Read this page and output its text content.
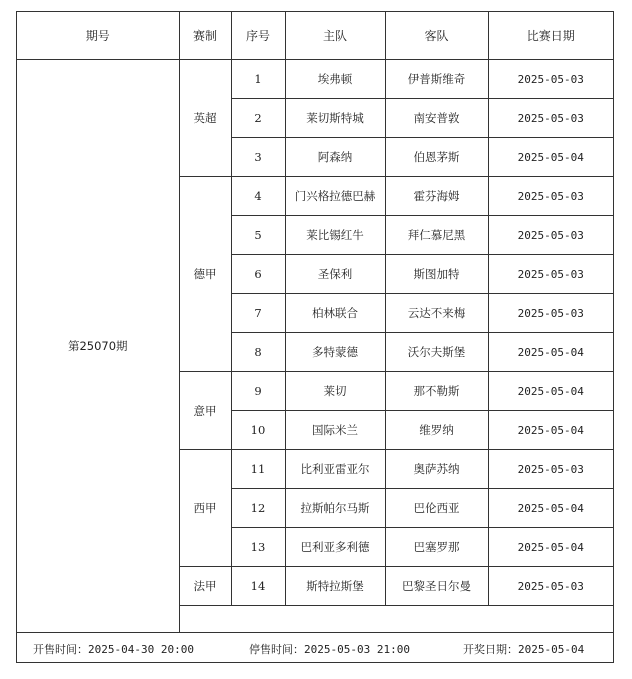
期号	赛制	序号	主队	客队	比赛日期
第25070期	英超	1	埃弗顿	伊普斯维奇	2025-05-03
		2	莱切斯特城	南安普敦	2025-05-03
		3	阿森纳	伯恩茅斯	2025-05-04
	德甲	4	门兴格拉德巴赫	霍芬海姆	2025-05-03
		5	莱比锡红牛	拜仁慕尼黑	2025-05-03
		6	圣保利	斯图加特	2025-05-03
		7	柏林联合	云达不来梅	2025-05-03
		8	多特蒙德	沃尔夫斯堡	2025-05-04
	意甲	9	莱切	那不勒斯	2025-05-04
		10	国际米兰	维罗纳	2025-05-04
	西甲	11	比利亚雷亚尔	奥萨苏纳	2025-05-03
		12	拉斯帕尔马斯	巴伦西亚	2025-05-04
		13	巴利亚多利德	巴塞罗那	2025-05-04
	法甲	14	斯特拉斯堡	巴黎圣日尔曼	2025-05-03

开售时间：2025-04-30 20:00	停售时间：2025-05-03 21:00	开奖日期：2025-05-04
